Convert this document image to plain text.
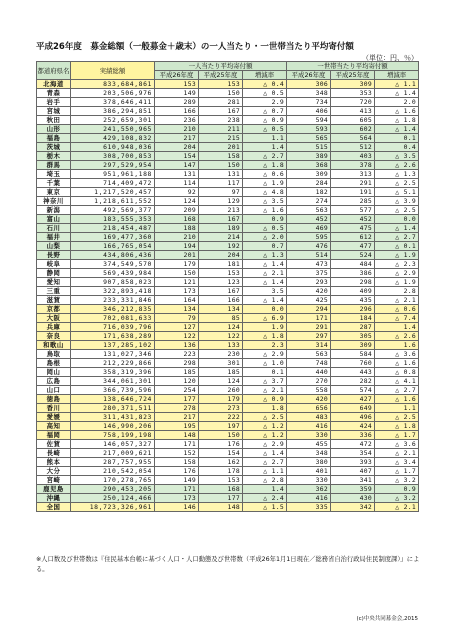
平成26年度　募金総額（一般募金＋歳末）の一人当たり・一世帯当たり平均寄付額
（単位：円、％）
都道府県名	実績総額	一人当たり平均寄付額			一世帯当たり平均寄付額		
		平成26年度	平成25年度	増減率	平成26年度	平成25年度	増減率
北海道	833,684,861	153	153	△ 0.4	306	309	△ 1.1
青森	203,506,976	149	150	△ 0.5	348	353	△ 1.4
岩手	378,646,411	289	281	2.9	734	720	2.0
宮城	386,294,851	166	167	△ 0.7	406	413	△ 1.6
秋田	252,659,301	236	238	△ 0.9	594	605	△ 1.8
山形	241,550,965	210	211	△ 0.5	593	602	△ 1.4
福島	429,108,832	217	215	1.1	565	564	0.1
茨城	610,948,036	204	201	1.4	515	512	0.4
栃木	308,700,853	154	158	△ 2.7	389	403	△ 3.5
群馬	297,529,954	147	150	△ 1.8	368	378	△ 2.6
埼玉	951,961,188	131	131	△ 0.6	309	313	△ 1.3
千葉	714,409,472	114	117	△ 1.9	284	291	△ 2.5
東京	1,217,520,457	92	97	△ 4.8	182	191	△ 5.1
神奈川	1,218,611,552	124	129	△ 3.5	274	285	△ 3.9
新潟	492,569,377	209	213	△ 1.6	563	577	△ 2.5
富山	183,555,353	168	167	0.9	452	452	0.0
石川	218,454,487	188	189	△ 0.5	469	475	△ 1.4
福井	169,477,360	210	214	△ 2.0	595	612	△ 2.7
山梨	166,765,054	194	192	0.7	476	477	△ 0.1
長野	434,806,436	201	204	△ 1.3	514	524	△ 1.9
岐阜	374,549,570	179	181	△ 1.4	473	484	△ 2.3
静岡	569,439,984	150	153	△ 2.1	375	386	△ 2.9
愛知	907,858,023	121	123	△ 1.4	293	298	△ 1.9
三重	322,893,418	173	167	3.5	420	409	2.8
滋賀	233,331,846	164	166	△ 1.4	425	435	△ 2.1
京都	346,212,835	134	134	0.0	294	296	△ 0.6
大阪	702,081,633	79	85	△ 6.9	171	184	△ 7.4
兵庫	716,039,796	127	124	1.9	291	287	1.4
奈良	171,638,289	122	122	△ 1.8	297	305	△ 2.6
和歌山	137,285,102	136	133	2.3	314	309	1.6
鳥取	131,027,346	223	230	△ 2.9	563	584	△ 3.6
島根	212,229,866	298	301	△ 1.0	748	760	△ 1.6
岡山	358,319,396	185	185	0.1	440	443	△ 0.8
広島	344,061,301	120	124	△ 3.7	270	282	△ 4.1
山口	366,739,596	254	260	△ 2.1	558	574	△ 2.7
徳島	138,646,724	177	179	△ 0.9	420	427	△ 1.6
香川	280,371,511	278	273	1.8	656	649	1.1
愛媛	311,431,823	217	222	△ 2.5	483	496	△ 2.5
高知	146,990,206	195	197	△ 1.2	416	424	△ 1.8
福岡	758,199,198	148	150	△ 1.2	330	336	△ 1.7
佐賀	146,057,327	171	176	△ 2.9	455	472	△ 3.6
長崎	217,009,621	152	154	△ 1.4	348	354	△ 2.1
熊本	287,757,955	158	162	△ 2.7	380	393	△ 3.4
大分	210,542,054	176	178	△ 1.1	401	407	△ 1.7
宮崎	170,278,765	149	153	△ 2.8	330	341	△ 3.2
鹿児島	290,453,205	171	168	1.4	362	359	0.9
沖縄	250,124,466	173	177	△ 2.4	416	430	△ 3.2
全国	18,723,326,961	146	148	△ 1.5	335	342	△ 2.1
※人口数及び世帯数は『住民基本台帳に基づく人口・人口動態及び世帯数（平成26年1月1日現在／総務省自治行政局住民制度課）』による。
(c)中央共同募金会,2015
